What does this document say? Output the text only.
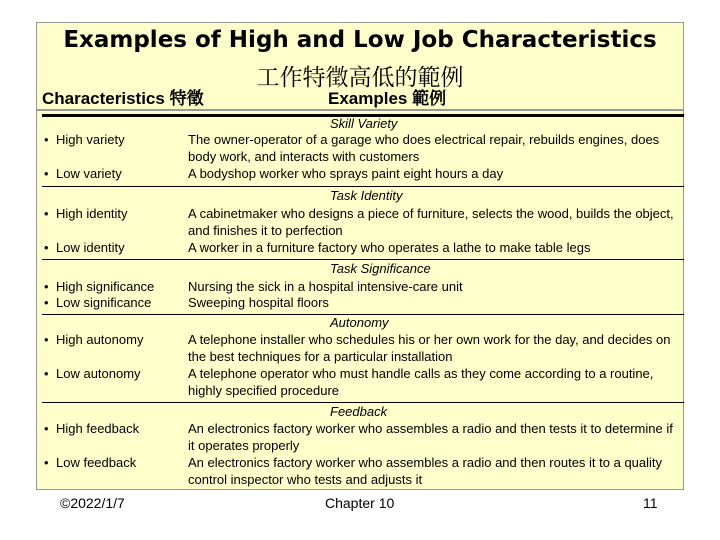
Examples of High and Low Job Characteristics
工作特徵高低的範例
Characteristics 特徵	Examples 範例
Skill Variety
• High variety	The owner-operator of a garage who does electrical repair, rebuilds engines, does body work, and interacts with customers
• Low variety	A bodyshop worker who sprays paint eight hours a day
Task Identity
• High identity	A cabinetmaker who designs a piece of furniture, selects the wood, builds the object, and finishes it to perfection
• Low identity	A worker in a furniture factory who operates a lathe to make table legs
Task Significance
• High significance	Nursing the sick in a hospital intensive-care unit
• Low significance	Sweeping hospital floors
Autonomy
• High autonomy	A telephone installer who schedules his or her own work for the day, and decides on the best techniques for a particular installation
• Low autonomy	A telephone operator who must handle calls as they come according to a routine, highly specified procedure
Feedback
• High feedback	An electronics factory worker who assembles a radio and then tests it to determine if it operates properly
• Low feedback	An electronics factory worker who assembles a radio and then routes it to a quality control inspector who tests and adjusts it
©2022/1/7	Chapter 10	11
